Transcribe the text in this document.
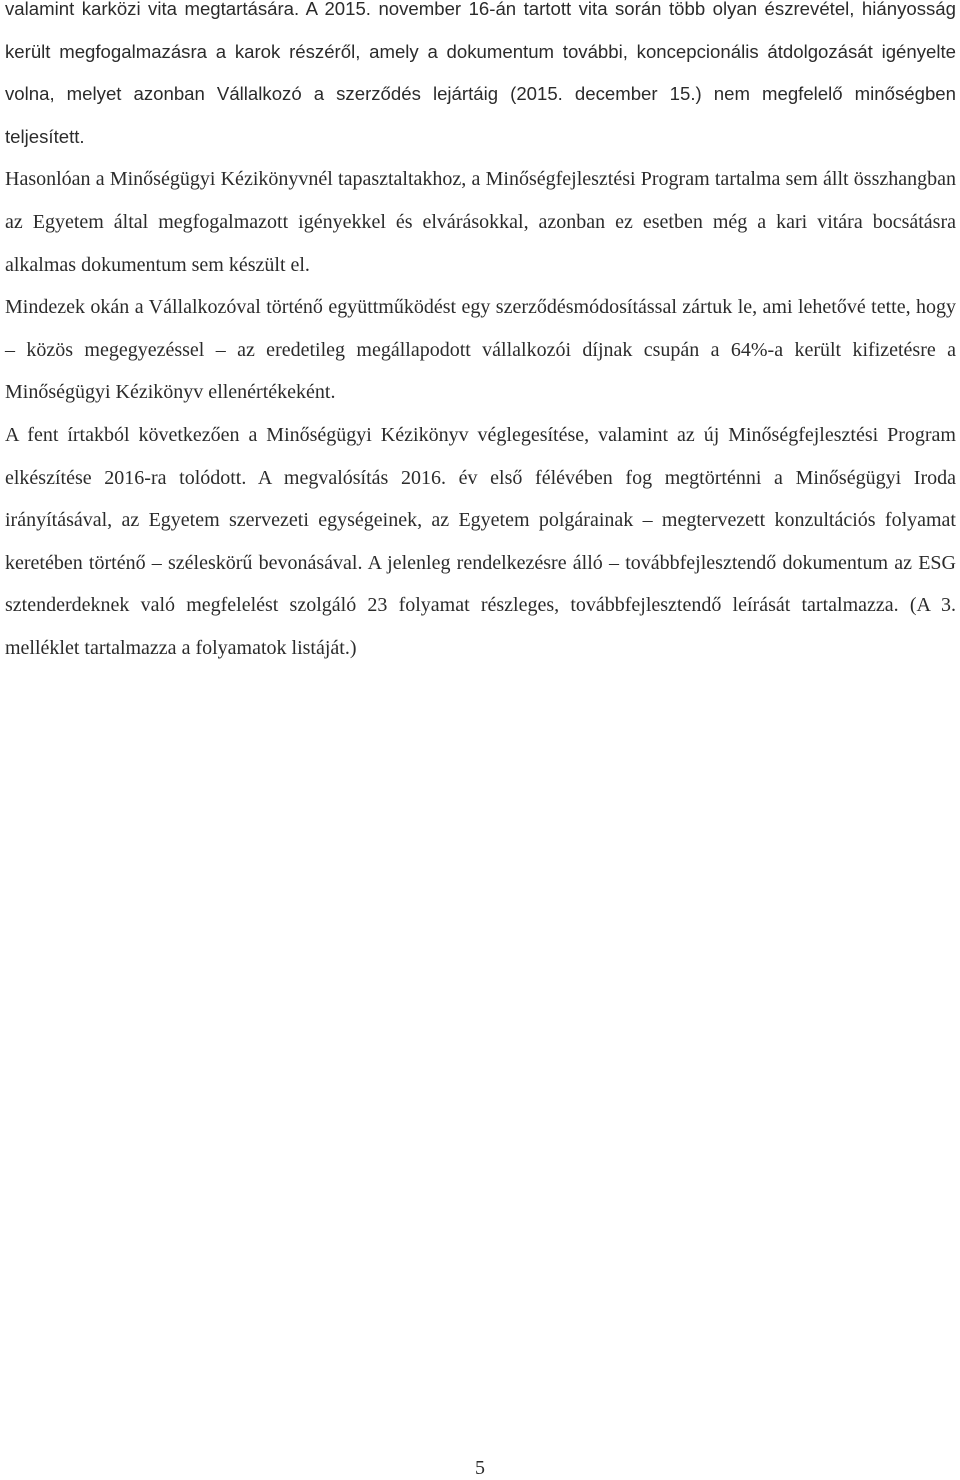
valamint karközi vita megtartására. A 2015. november 16-án tartott vita során több olyan észrevétel, hiányosság került megfogalmazásra a karok részéről, amely a dokumentum további, koncepcionális átdolgozását igényelte volna, melyet azonban Vállalkozó a szerződés lejártáig (2015. december 15.) nem megfelelő minőségben teljesített.

Hasonlóan a Minőségügyi Kézikönyvnél tapasztaltakhoz, a Minőségfejlesztési Program tartalma sem állt összhangban az Egyetem által megfogalmazott igényekkel és elvárásokkal, azonban ez esetben még a kari vitára bocsátásra alkalmas dokumentum sem készült el.

Mindezek okán a Vállalkozóval történő együttműködést egy szerződésmódosítással zártuk le, ami lehetővé tette, hogy – közös megegyezéssel – az eredetileg megállapodott vállalkozói díjnak csupán a 64%-a került kifizetésre a Minőségügyi Kézikönyv ellenértékeként.

A fent írtakból következően a Minőségügyi Kézikönyv véglegesítése, valamint az új Minőségfejlesztési Program elkészítése 2016-ra tolódott. A megvalósítás 2016. év első félévében fog megtörténni a Minőségügyi Iroda irányításával, az Egyetem szervezeti egységeinek, az Egyetem polgárainak – megtervezett konzultációs folyamat keretében történő – széleskörű bevonásával. A jelenleg rendelkezésre álló – továbbfejlesztendő dokumentum az ESG sztenderdeknek való megfelelést szolgáló 23 folyamat részleges, továbbfejlesztendő leírását tartalmazza. (A 3. melléklet tartalmazza a folyamatok listáját.)

5
